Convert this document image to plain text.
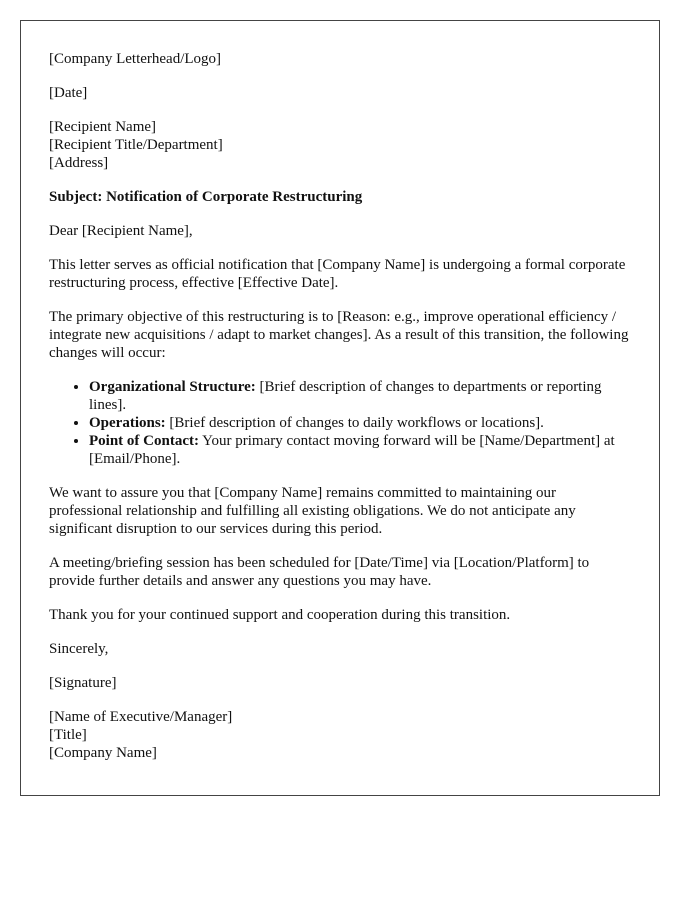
[Company Letterhead/Logo]

[Date]

[Recipient Name]
[Recipient Title/Department]
[Address]

Subject: Notification of Corporate Restructuring

Dear [Recipient Name],

This letter serves as official notification that [Company Name] is undergoing a formal corporate restructuring process, effective [Effective Date].

The primary objective of this restructuring is to [Reason: e.g., improve operational efficiency / integrate new acquisitions / adapt to market changes]. As a result of this transition, the following changes will occur:

• Organizational Structure: [Brief description of changes to departments or reporting lines].
• Operations: [Brief description of changes to daily workflows or locations].
• Point of Contact: Your primary contact moving forward will be [Name/Department] at [Email/Phone].

We want to assure you that [Company Name] remains committed to maintaining our professional relationship and fulfilling all existing obligations. We do not anticipate any significant disruption to our services during this period.

A meeting/briefing session has been scheduled for [Date/Time] via [Location/Platform] to provide further details and answer any questions you may have.

Thank you for your continued support and cooperation during this transition.

Sincerely,

[Signature]

[Name of Executive/Manager]
[Title]
[Company Name]
